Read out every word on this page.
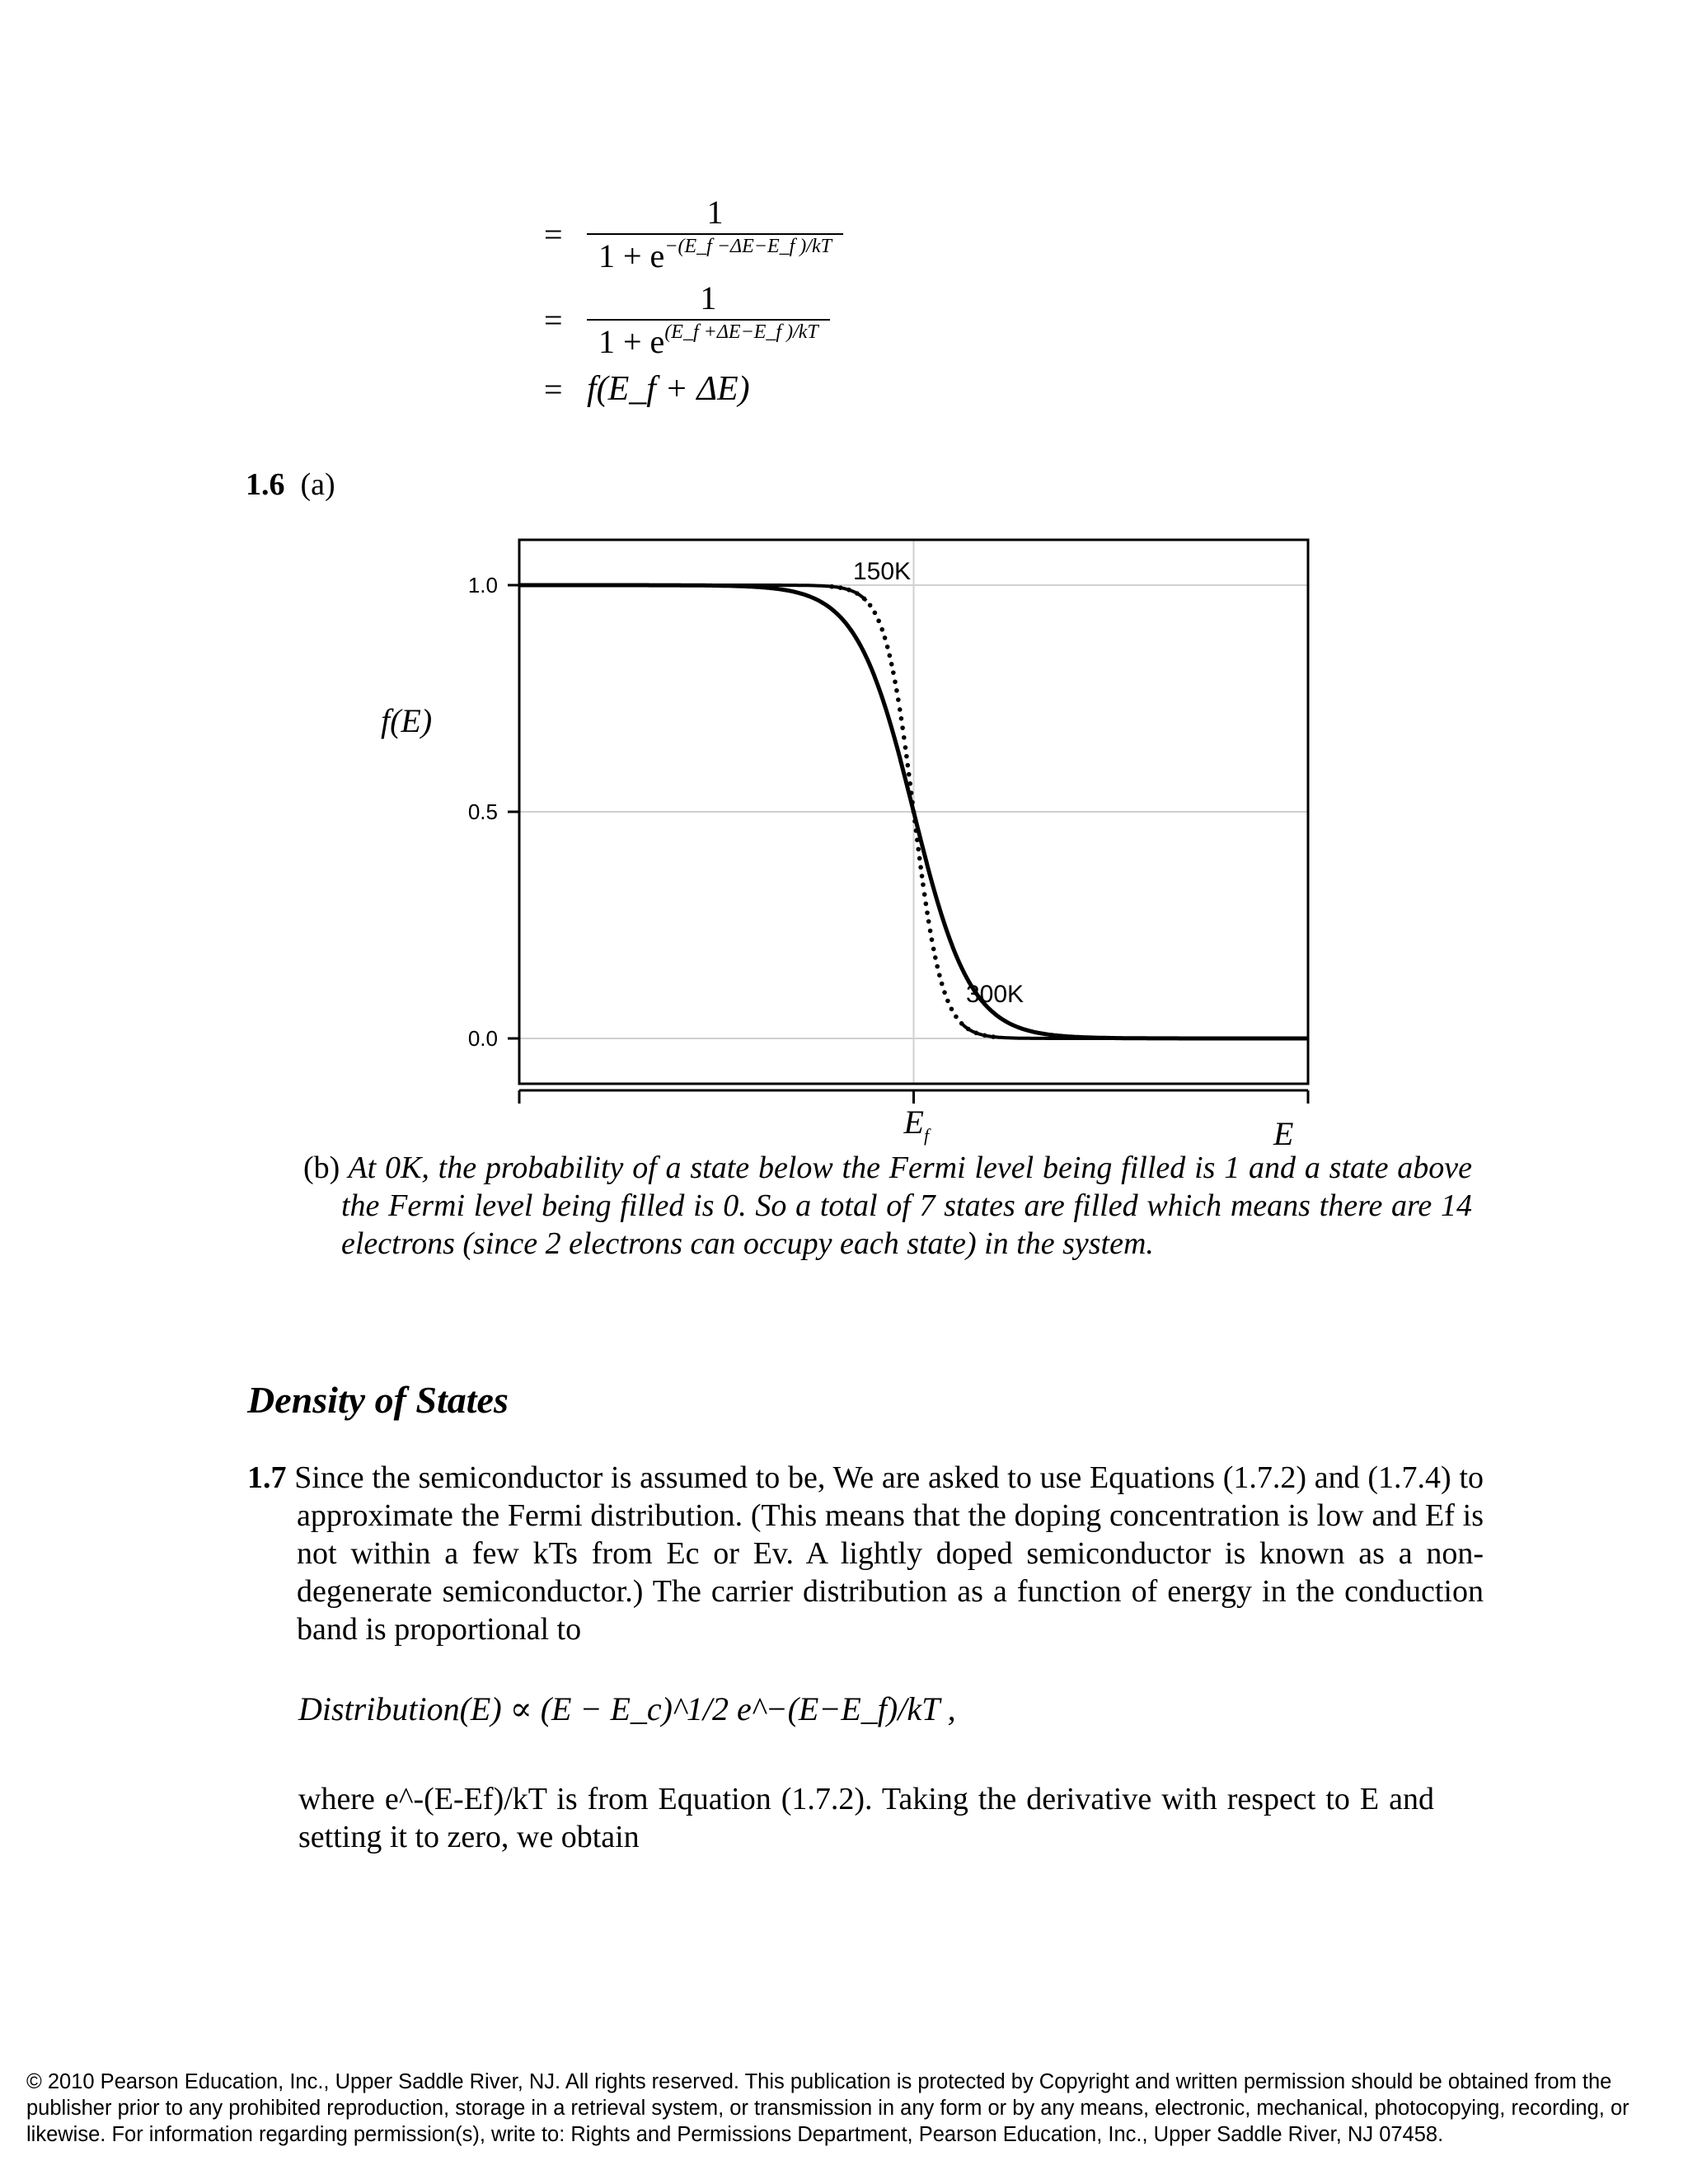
= $\frac{1}{1 + e^{-(E\_f -\Delta E-E\_f )/kT}}$
= $\frac{1}{1 + e^{(E\_f +\Delta E-E\_f )/kT}}$
= f(E_f + ΔE)
1.6 (a)
1.0
0.5
0.0
$E_f$	E
f(E)
150K
300K
(b) At 0K, the probability of a state below the Fermi level being filled is 1 and a state above the Fermi level being filled is 0. So a total of 7 states are filled which means there are 14 electrons (since 2 electrons can occupy each state) in the system.
Density of States
1.7 Since the semiconductor is assumed to be, We are asked to use Equations (1.7.2) and (1.7.4) to approximate the Fermi distribution. (This means that the doping concentration is low and Ef is not within a few kTs from Ec or Ev. A lightly doped semiconductor is known as a non-degenerate semiconductor.) The carrier distribution as a function of energy in the conduction band is proportional to
Distribution(E) ∝ (E − E_c)^1/2 e^−(E−E_f)/kT ,
where e^-(E-Ef)/kT is from Equation (1.7.2). Taking the derivative with respect to E and setting it to zero, we obtain
© 2010 Pearson Education, Inc., Upper Saddle River, NJ. All rights reserved. This publication is protected by Copyright and written permission should be obtained from the publisher prior to any prohibited reproduction, storage in a retrieval system, or transmission in any form or by any means, electronic, mechanical, photocopying, recording, or likewise. For information regarding permission(s), write to: Rights and Permissions Department, Pearson Education, Inc., Upper Saddle River, NJ 07458.
